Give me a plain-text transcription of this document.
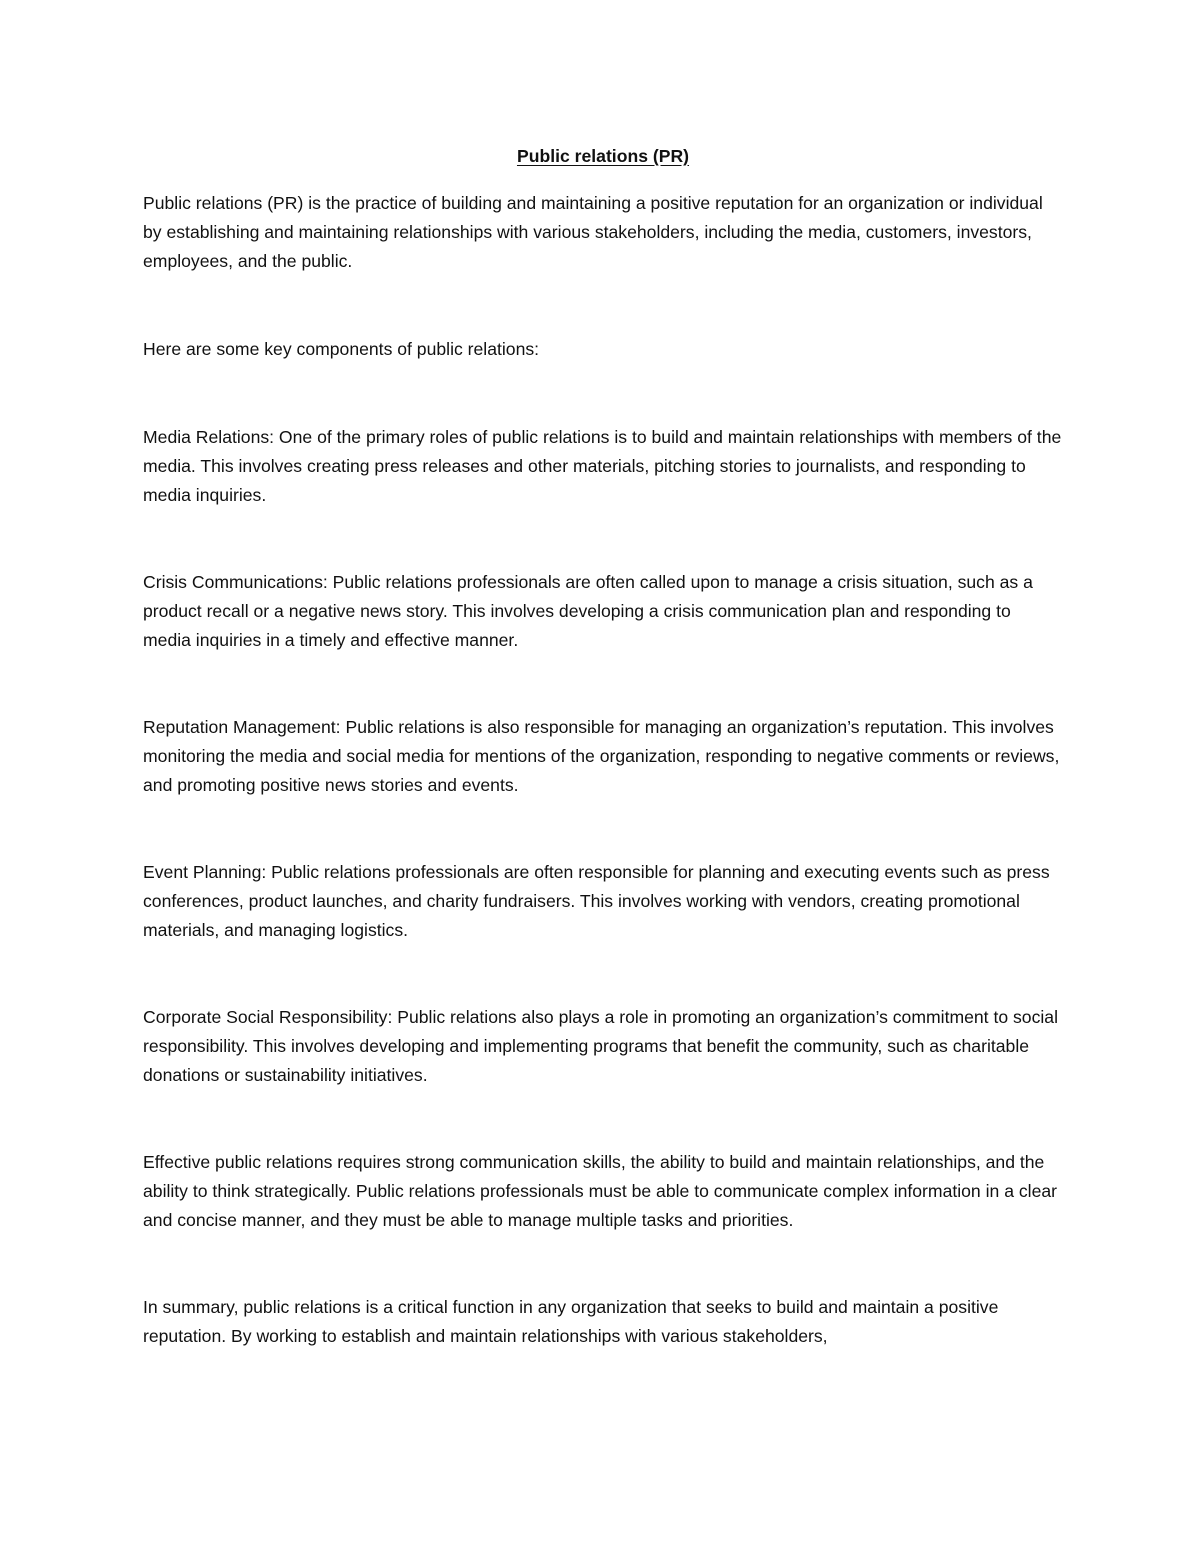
Public relations (PR)

Public relations (PR) is the practice of building and maintaining a positive reputation for an organization or individual by establishing and maintaining relationships with various stakeholders, including the media, customers, investors, employees, and the public.

Here are some key components of public relations:

Media Relations: One of the primary roles of public relations is to build and maintain relationships with members of the media. This involves creating press releases and other materials, pitching stories to journalists, and responding to media inquiries.

Crisis Communications: Public relations professionals are often called upon to manage a crisis situation, such as a product recall or a negative news story. This involves developing a crisis communication plan and responding to media inquiries in a timely and effective manner.

Reputation Management: Public relations is also responsible for managing an organization’s reputation. This involves monitoring the media and social media for mentions of the organization, responding to negative comments or reviews, and promoting positive news stories and events.

Event Planning: Public relations professionals are often responsible for planning and executing events such as press conferences, product launches, and charity fundraisers. This involves working with vendors, creating promotional materials, and managing logistics.

Corporate Social Responsibility: Public relations also plays a role in promoting an organization’s commitment to social responsibility. This involves developing and implementing programs that benefit the community, such as charitable donations or sustainability initiatives.

Effective public relations requires strong communication skills, the ability to build and maintain relationships, and the ability to think strategically. Public relations professionals must be able to communicate complex information in a clear and concise manner, and they must be able to manage multiple tasks and priorities.

In summary, public relations is a critical function in any organization that seeks to build and maintain a positive reputation. By working to establish and maintain relationships with various stakeholders,
